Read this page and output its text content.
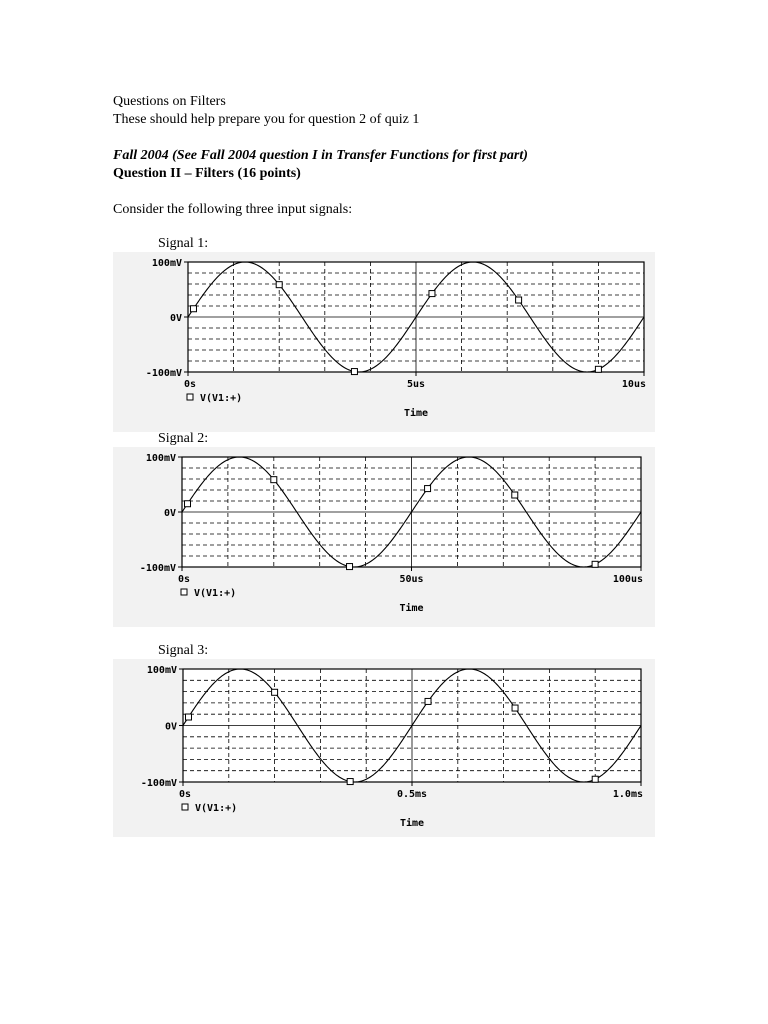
Questions on Filters
These should help prepare you for question 2 of quiz 1
Fall 2004 (See Fall 2004 question I in Transfer Functions for first part)
Question II – Filters (16 points)
Consider the following three input signals:
Signal 1:
100mV
0V
-100mV
0s	5us	10us
V(V1:+)
Time
Signal 2:
100mV
0V
-100mV
0s	50us	100us
V(V1:+)
Time
Signal 3:
100mV
0V
-100mV
0s	0.5ms	1.0ms
V(V1:+)
Time
